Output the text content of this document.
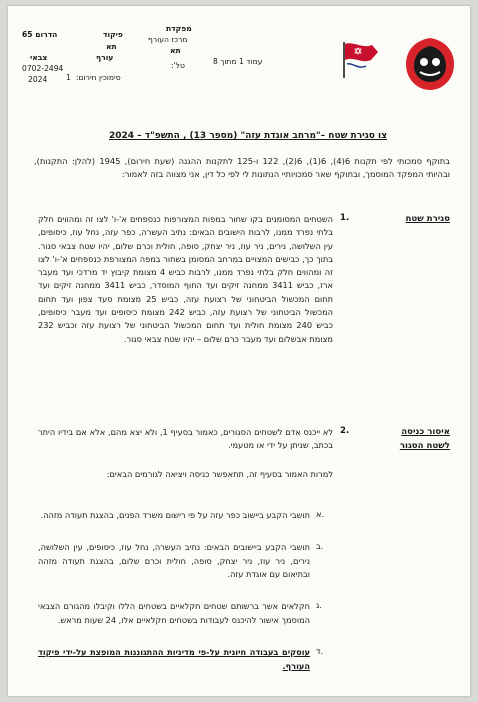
הדרום 65
צבאי
0702-2494
2024
פיקוד
עורף
תא
סימוכין חירום:
1
מפקדת
מרכז העורף
תא
טל':	עמוד 1 מתוך 8
צו סגירת שטח –"מרחב אוגדת עזה" (מספר 13) , התשפ"ד – 2024
בתוקף סמכותי לפי תקנות 6(4), 6(1), 6(2), 122 ו-125 לתקנות ההגנה (שעת חירום), 1945 (להלן: התקנות), ובהיותי המפקד המוסמך, ובתוקף שאר סמכויותיי הנתונות לי לפי כל דין, אני מצווה בזה לאמור:
1.	סגירת שטח
השטחים המסומנים בקו שחור במפות המצורפות כנספחים א'-ו' לצו זה ומהווים חלק בלתי נפרד ממנו, לרבות הישובים הבאים: נתיב העשרה, כפר עזה, נחל עוז, כיסופים, עין השלושה, נירים, ניר עוז, ניר יצחק, סופה, חולית וכרם שלום, יהיו שטח צבאי סגור. בתוך כך, כבישים המצויים במרחב המסומן בשחור במפה המצורפת כנספחים א'-ו' לצו זה ומהווים חלק בלתי נפרד ממנו, לרבות כביש 4 מצומת קיבוץ יד מרדכי ועד מעבר ארז, כביש 3411 ממחנה זיקים ועד החוף המוסדר, כביש 3411 ממחנה זיקים ועד תחום המכשול הביטחוני של רצועת עזה, כביש 25 מצומת סעד צפון ועד תחום המכשול הביטחוני של רצועת עזה, כביש 242 מצומת כיסופים ועד מעבר כיסופים, כביש 240 מצומת חולית ועד תחום המכשול הביטחוני של רצועת עזה וכביש 232 מצומת אבשלום ועד מעבר כרם שלום – יהיו שטח צבאי סגור.
2.	איסור כניסה
לשטח הסגור
לא ייכנס אדם לשטחים הסגורים, כאמור בסעיף 1, ולא יצא מהם, אלא אם בידיו היתר בכתב, שניתן על ידי או מטעמי.
למרות האמור בסעיף זה, תתאפשר כניסה ויציאה לגורמים הבאים:
א.
תושבי הקבע ביישוב כפר עזה על פי רישום משרד הפנים, בהצגת תעודה מזהה.
ב.
תושבי הקבע ביישובים הבאים: נתיב העשרה, נחל עוז, כיסופים, עין השלושה, נירים, ניר עוז, ניר יצחק, סופה, חולית וכרם שלום, בהצגת תעודה מזהה ובתיאום עם אוגדת עזה.
ג.
חקלאים אשר ברשותם שטחים חקלאיים בשטחים הללו וקיבלו מהגורם הצבאי המוסמך אישור להיכנס לעבודות בשטחים חקלאיים אלו, 24 שעות מראש.
ד.
עוסקים בעבודה חיונית על-פי מדיניות ההתגוננות המופצת על-ידי פיקוד העורף.
